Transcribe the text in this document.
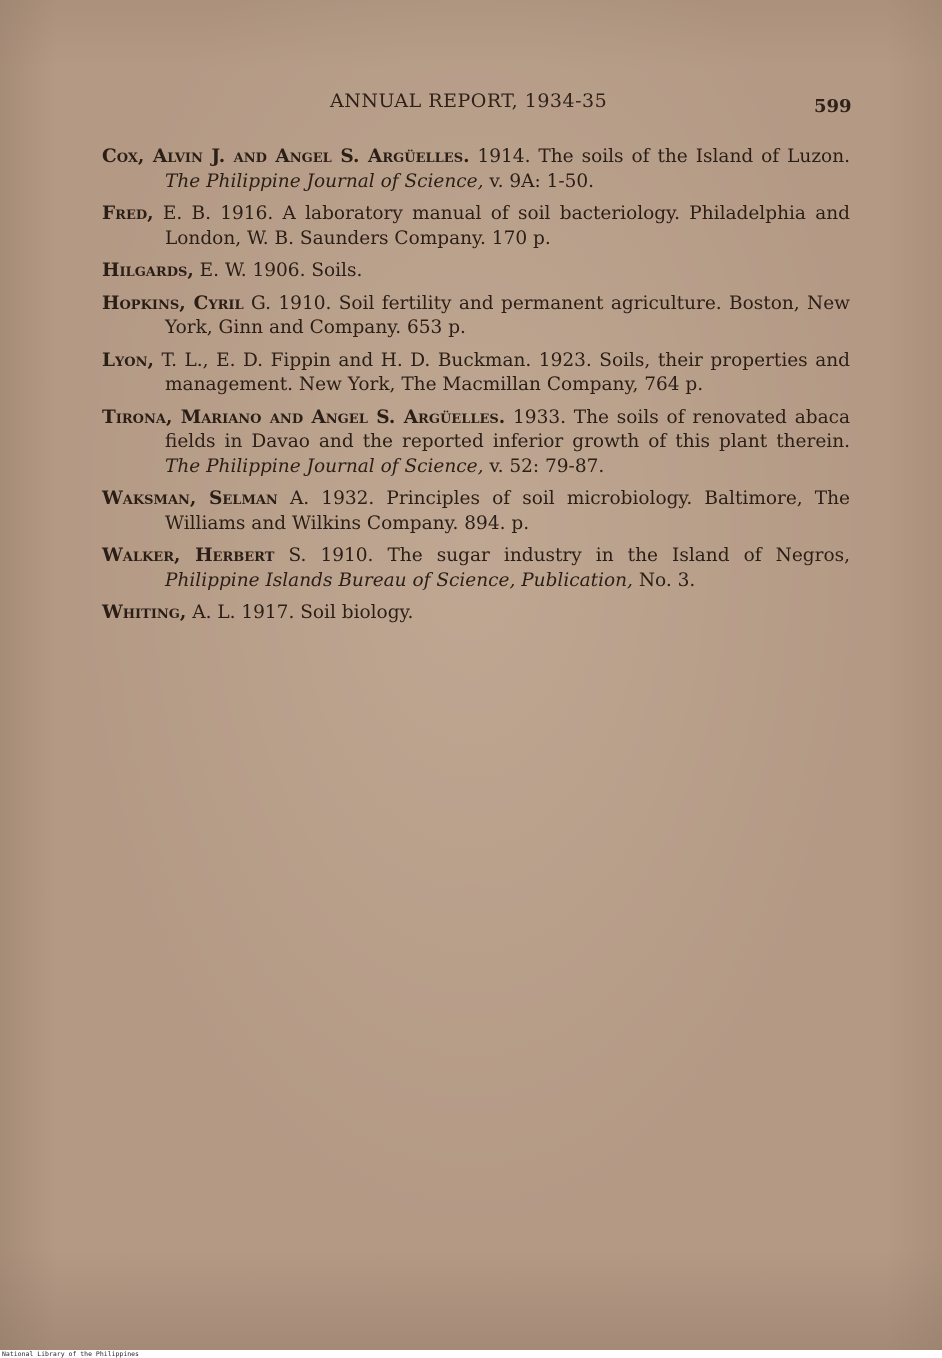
ANNUAL REPORT, 1934-35	599

Cox, Alvin J. and Angel S. Argüelles. 1914. The soils of the Island of Luzon. The Philippine Journal of Science, v. 9A: 1-50.

Fred, E. B. 1916. A laboratory manual of soil bacteriology. Philadelphia and London, W. B. Saunders Company. 170 p.

Hilgards, E. W. 1906. Soils.

Hopkins, Cyril G. 1910. Soil fertility and permanent agriculture. Boston, New York, Ginn and Company. 653 p.

Lyon, T. L., E. D. Fippin and H. D. Buckman. 1923. Soils, their properties and management. New York, The Macmillan Company, 764 p.

Tirona, Mariano and Angel S. Argüelles. 1933. The soils of renovated abaca fields in Davao and the reported inferior growth of this plant therein. The Philippine Journal of Science, v. 52: 79-87.

Waksman, Selman A. 1932. Principles of soil microbiology. Baltimore, The Williams and Wilkins Company. 894. p.

Walker, Herbert S. 1910. The sugar industry in the Island of Negros, Philippine Islands Bureau of Science, Publication, No. 3.

Whiting, A. L. 1917. Soil biology.

National Library of the Philippines
